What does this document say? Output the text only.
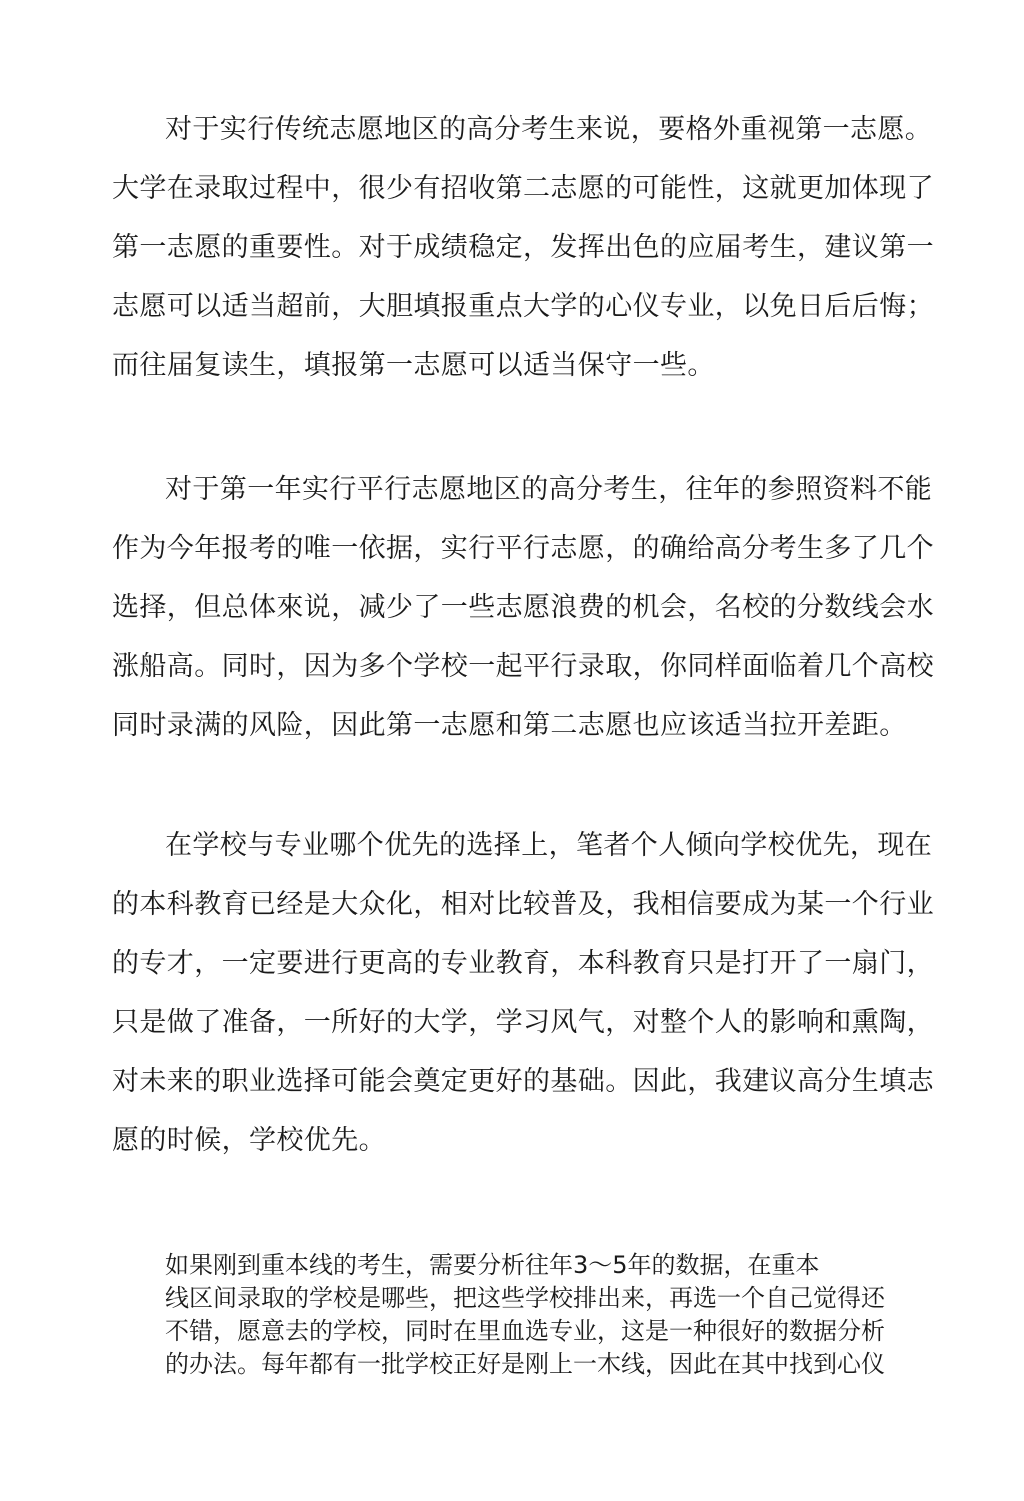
对于实行传统志愿地区的高分考生来说，要格外重视第一志愿。
大学在录取过程中，很少有招收第二志愿的可能性，这就更加体现了
第一志愿的重要性。对于成绩稳定，发挥出色的应届考生，建议第一
志愿可以适当超前，大胆填报重点大学的心仪专业，以免日后后悔；
而往届复读生，填报第一志愿可以适当保守一些。
对于第一年实行平行志愿地区的高分考生，往年的参照资料不能
作为今年报考的唯一依据，实行平行志愿，的确给高分考生多了几个
选择，但总体來说，减少了一些志愿浪费的机会，名校的分数线会水
涨船高。同时，因为多个学校一起平行录取，你同样面临着几个高校
同时录满的风险，因此第一志愿和第二志愿也应该适当拉开差距。
在学校与专业哪个优先的选择上，笔者个人倾向学校优先，现在
的本科教育已经是大众化，相对比较普及，我相信要成为某一个行业
的专才，一定要进行更高的专业教育，本科教育只是打开了一扇门，
只是做了准备，一所好的大学，学习风气，对整个人的影响和熏陶，
对未来的职业选择可能会奠定更好的基础。因此，我建议高分生填志
愿的时候，学校优先。
如果刚到重本线的考生，需要分析往年3～5年的数据，在重本
线区间录取的学校是哪些，把这些学校排出来，再选一个自己觉得还
不错，愿意去的学校，同时在里血选专业，这是一种很好的数据分析
的办法。每年都有一批学校正好是刚上一木线，因此在其中找到心仪
